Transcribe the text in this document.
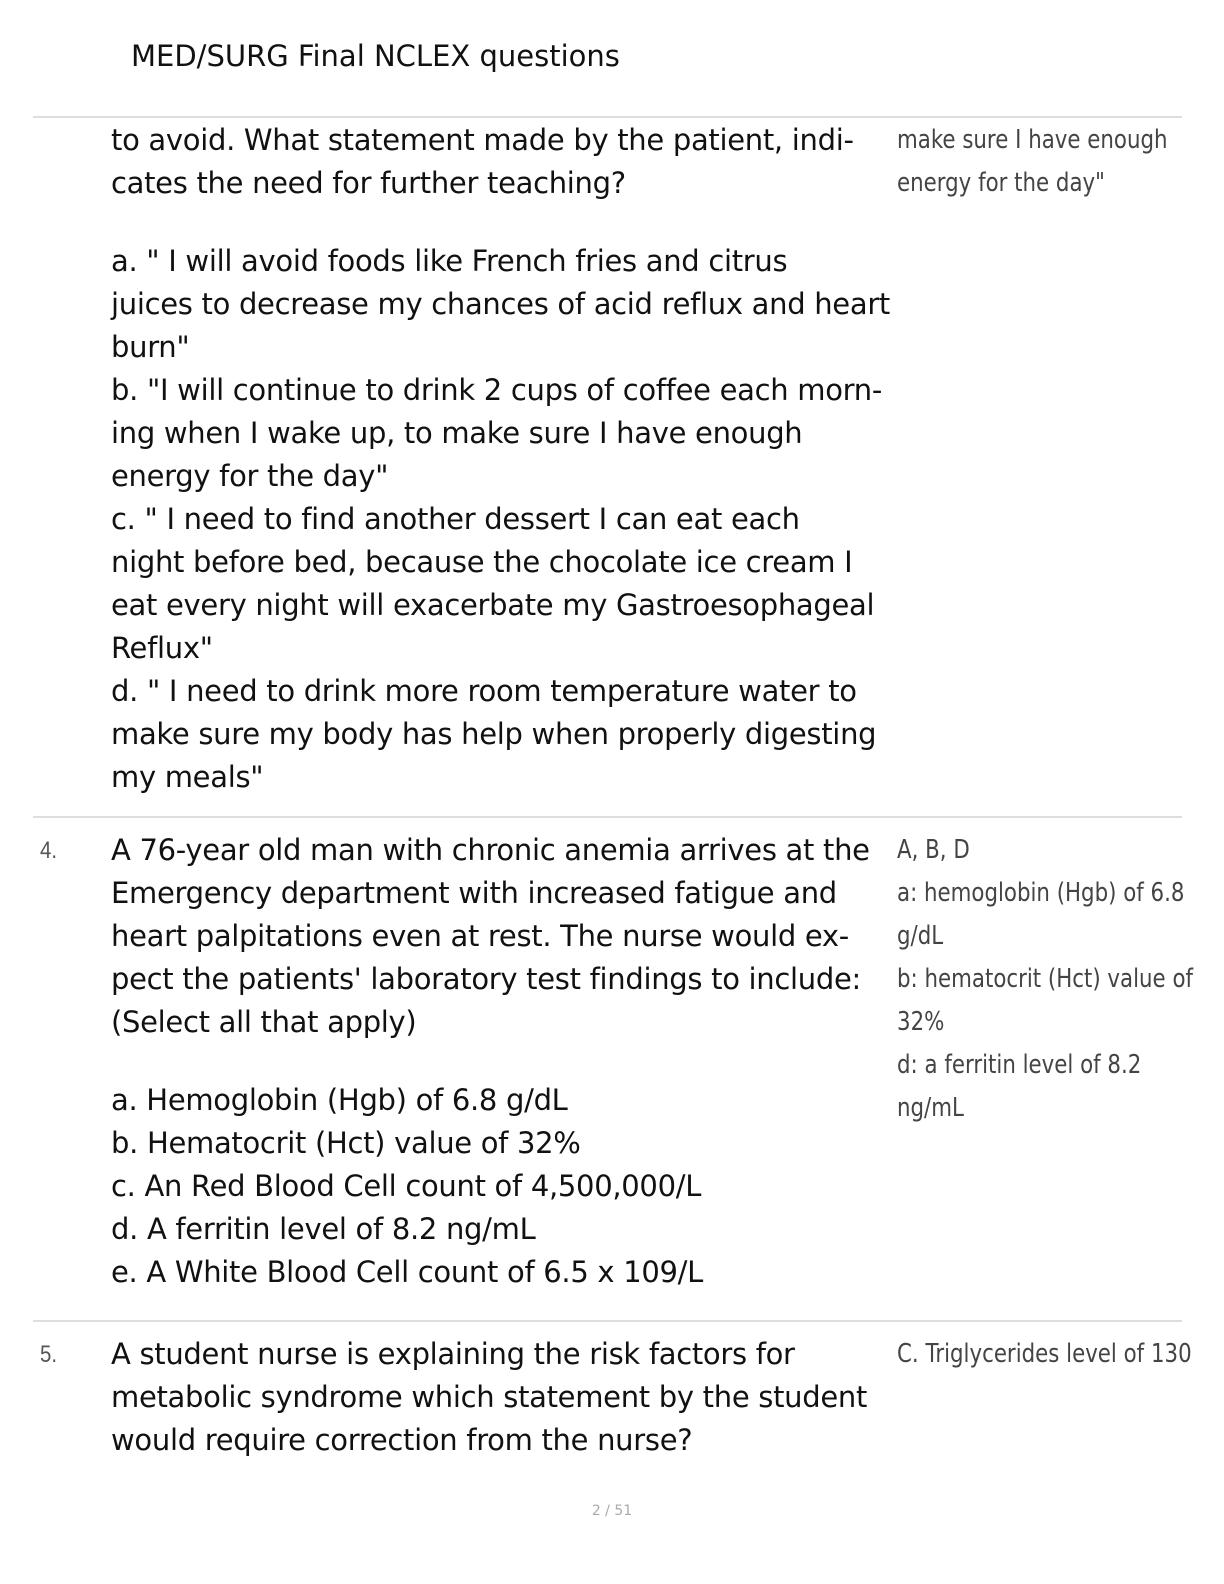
MED/SURG Final NCLEX questions
to avoid. What statement made by the patient, indi-
cates the need for further teaching?
a. " I will avoid foods like French fries and citrus
juices to decrease my chances of acid reflux and heart
burn"
b. "I will continue to drink 2 cups of coffee each morn-
ing when I wake up, to make sure I have enough
energy for the day"
c. " I need to find another dessert I can eat each
night before bed, because the chocolate ice cream I
eat every night will exacerbate my Gastroesophageal
Reflux"
d. " I need to drink more room temperature water to
make sure my body has help when properly digesting
my meals"
make sure I have enough
energy for the day"
4. A 76-year old man with chronic anemia arrives at the
Emergency department with increased fatigue and
heart palpitations even at rest. The nurse would ex-
pect the patients' laboratory test findings to include:
(Select all that apply)
a. Hemoglobin (Hgb) of 6.8 g/dL
b. Hematocrit (Hct) value of 32%
c. An Red Blood Cell count of 4,500,000/L
d. A ferritin level of 8.2 ng/mL
e. A White Blood Cell count of 6.5 x 109/L
A, B, D
a: hemoglobin (Hgb) of 6.8
g/dL
b: hematocrit (Hct) value of
32%
d: a ferritin level of 8.2
ng/mL
5. A student nurse is explaining the risk factors for
metabolic syndrome which statement by the student
would require correction from the nurse?
C. Triglycerides level of 130
2 / 51
